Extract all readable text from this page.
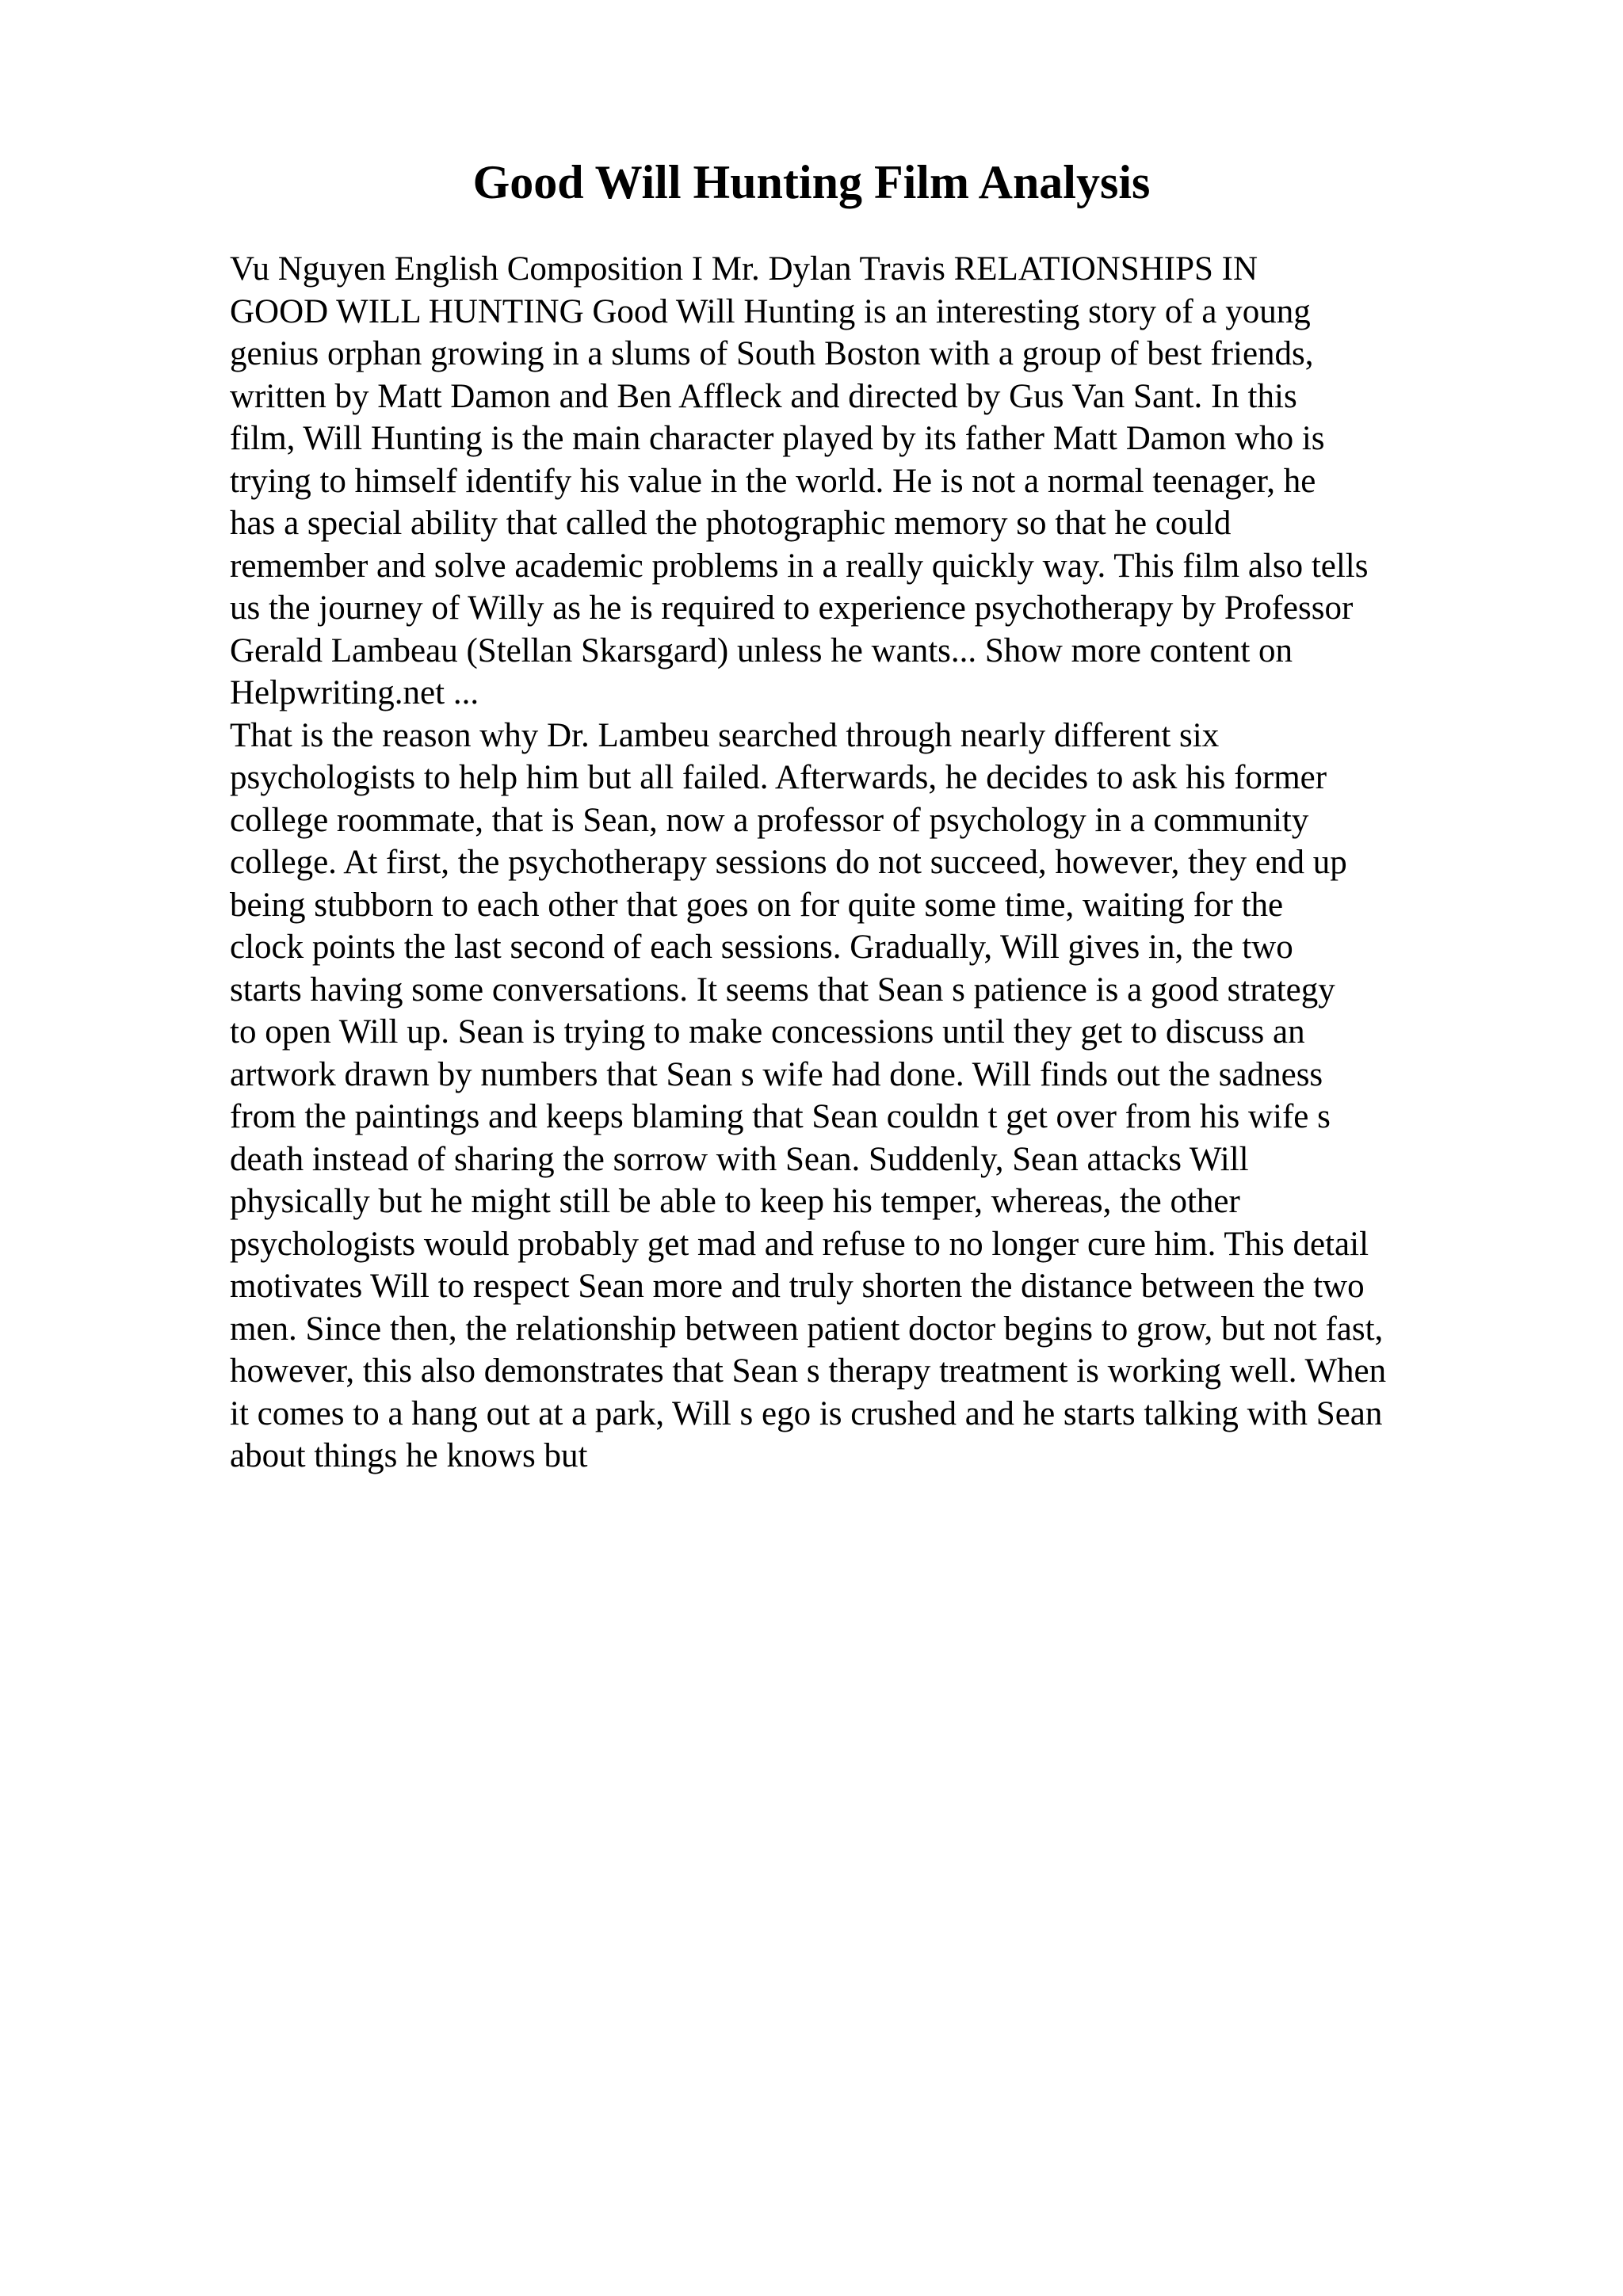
Good Will Hunting Film Analysis
Vu Nguyen English Composition I Mr. Dylan Travis RELATIONSHIPS IN
GOOD WILL HUNTING Good Will Hunting is an interesting story of a young
genius orphan growing in a slums of South Boston with a group of best friends,
written by Matt Damon and Ben Affleck and directed by Gus Van Sant. In this
film, Will Hunting is the main character played by its father Matt Damon who is
trying to himself identify his value in the world. He is not a normal teenager, he
has a special ability that called the photographic memory so that he could
remember and solve academic problems in a really quickly way. This film also tells
us the journey of Willy as he is required to experience psychotherapy by Professor
Gerald Lambeau (Stellan Skarsgard) unless he wants... Show more content on
Helpwriting.net ...
That is the reason why Dr. Lambeu searched through nearly different six
psychologists to help him but all failed. Afterwards, he decides to ask his former
college roommate, that is Sean, now a professor of psychology in a community
college. At first, the psychotherapy sessions do not succeed, however, they end up
being stubborn to each other that goes on for quite some time, waiting for the
clock points the last second of each sessions. Gradually, Will gives in, the two
starts having some conversations. It seems that Sean s patience is a good strategy
to open Will up. Sean is trying to make concessions until they get to discuss an
artwork drawn by numbers that Sean s wife had done. Will finds out the sadness
from the paintings and keeps blaming that Sean couldn t get over from his wife s
death instead of sharing the sorrow with Sean. Suddenly, Sean attacks Will
physically but he might still be able to keep his temper, whereas, the other
psychologists would probably get mad and refuse to no longer cure him. This detail
motivates Will to respect Sean more and truly shorten the distance between the two
men. Since then, the relationship between patient doctor begins to grow, but not fast,
however, this also demonstrates that Sean s therapy treatment is working well. When
it comes to a hang out at a park, Will s ego is crushed and he starts talking with Sean
about things he knows but
